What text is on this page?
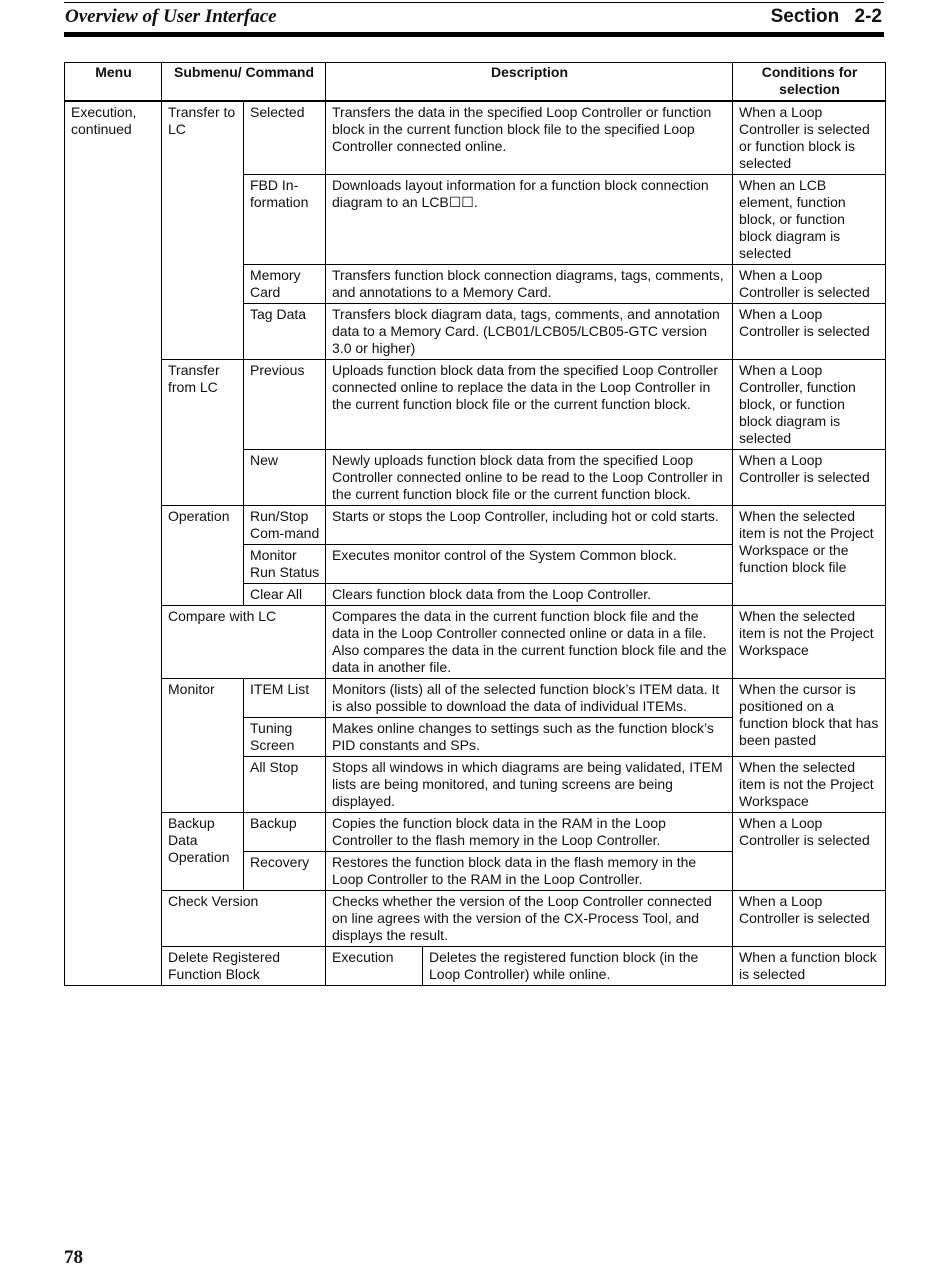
Overview of User Interface	Section 2-2
Menu	Submenu/ Command		Description		Conditions for selection
Execution, continued	Transfer to LC	Selected	Transfers the data in the specified Loop Controller or function block in the current function block file to the specified Loop Controller connected online.		When a Loop Controller is selected or function block is selected
		FBD In-formation	Downloads layout information for a function block connection diagram to an LCB☐☐.		When an LCB element, function block, or function block diagram is selected
		Memory Card	Transfers function block connection diagrams, tags, comments, and annotations to a Memory Card.		When a Loop Controller is selected
		Tag Data	Transfers block diagram data, tags, comments, and annotation data to a Memory Card. (LCB01/LCB05/LCB05-GTC version 3.0 or higher)		When a Loop Controller is selected
	Transfer from LC	Previous	Uploads function block data from the specified Loop Controller connected online to replace the data in the Loop Controller in the current function block file or the current function block.		When a Loop Controller, function block, or function block diagram is selected
		New	Newly uploads function block data from the specified Loop Controller connected online to be read to the Loop Controller in the current function block file or the current function block.		When a Loop Controller is selected
	Operation	Run/Stop Com-mand	Starts or stops the Loop Controller, including hot or cold starts.		When the selected item is not the Project Workspace or the function block file
		Monitor Run Status	Executes monitor control of the System Common block.		
		Clear All	Clears function block data from the Loop Controller.		
	Compare with LC		Compares the data in the current function block file and the data in the Loop Controller connected online or data in a file. Also compares the data in the current function block file and the data in another file.		When the selected item is not the Project Workspace
	Monitor	ITEM List	Monitors (lists) all of the selected function block’s ITEM data. It is also possible to download the data of individual ITEMs.		When the cursor is positioned on a function block that has been pasted
		Tuning Screen	Makes online changes to settings such as the function block’s PID constants and SPs.		
		All Stop	Stops all windows in which diagrams are being validated, ITEM lists are being monitored, and tuning screens are being displayed.		When the selected item is not the Project Workspace
	Backup Data Operation	Backup	Copies the function block data in the RAM in the Loop Controller to the flash memory in the Loop Controller.		When a Loop Controller is selected
		Recovery	Restores the function block data in the flash memory in the Loop Controller to the RAM in the Loop Controller.		
	Check Version		Checks whether the version of the Loop Controller connected on line agrees with the version of the CX-Process Tool, and displays the result.		When a Loop Controller is selected
	Delete Registered Function Block		Execution	Deletes the registered function block (in the Loop Controller) while online.	When a function block is selected
78
